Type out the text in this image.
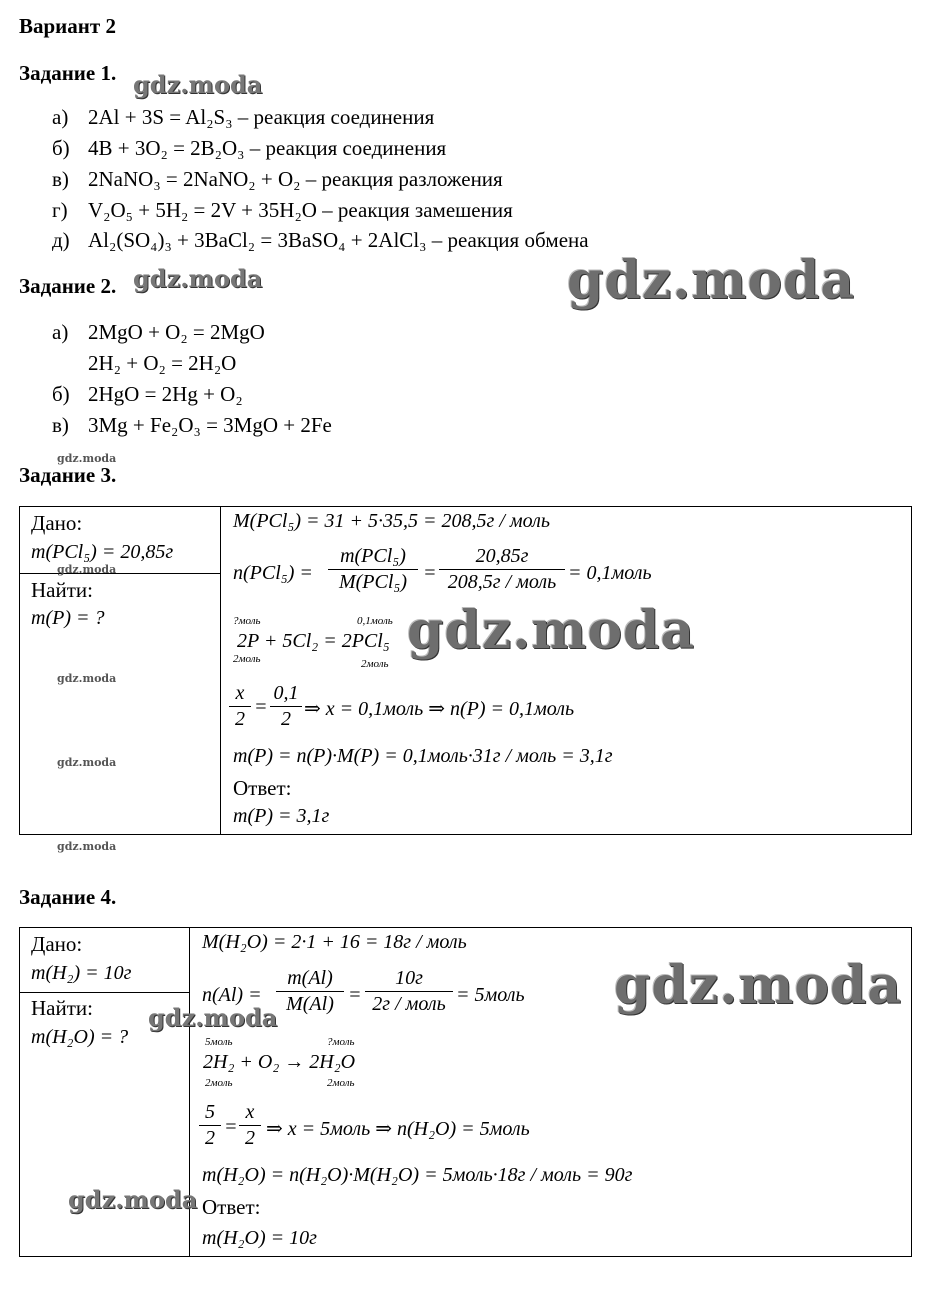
Вариант 2
Задание 1.
а) 2Al + 3S = Al₂S₃ – реакция соединения
б) 4B + 3O₂ = 2B₂O₃ – реакция соединения
в) 2NaNO₃ = 2NaNO₂ + O₂ – реакция разложения
г) V₂O₅ + 5H₂ = 2V + 35H₂O – реакция замешения
д) Al₂(SO₄)₃ + 3BaCl₂ = 3BaSO₄ + 2AlCl₃ – реакция обмена
Задание 2.
а) 2MgO + O₂ = 2MgO
2H₂ + O₂ = 2H₂O
б) 2HgO = 2Hg + O₂
в) 3Mg + Fe₂O₃ = 3MgO + 2Fe
Задание 3.
Дано:
m(PCl₅) = 20,85г
Найти:
m(P) = ?
M(PCl₅) = 31 + 5·35,5 = 208,5г / моль
n(PCl₅) =
m(PCl₅)
M(PCl₅) =
20,85г
208,5г / моль = 0,1моль
?моль	0,1моль
2P + 5Cl₂ = 2PCl₅
2моль	2моль
$\frac{x}{2} = \frac{0,1}{2}$ ⇒ x = 0,1моль ⇒ n(P) = 0,1моль
m(P) = n(P)·M(P) = 0,1моль·31г / моль = 3,1г
Ответ:
m(P) = 3,1г
Задание 4.
Дано:
m(H₂) = 10г
Найти:
m(H₂O) = ?
M(H₂O) = 2·1 + 16 = 18г / моль
$n(Al) = \frac{m(Al)}{M(Al)}$ =
10г
2г / моль = 5моль
5моль	?моль
2H₂ + O₂ → 2H₂O
2моль	2моль
$\frac{5}{2} = \frac{x}{2}$ ⇒ x = 5моль ⇒ n(H₂O) = 5моль
m(H₂O) = n(H₂O)·M(H₂O) = 5моль·18г / моль = 90г
Ответ:
m(H₂O) = 10г
gdz.moda
gdz.moda	gdz.moda
gdz.moda
gdz.moda
gdz.moda
gdz.moda
gdz.moda
gdz.moda
gdz.moda
gdz.moda
gdz.moda
